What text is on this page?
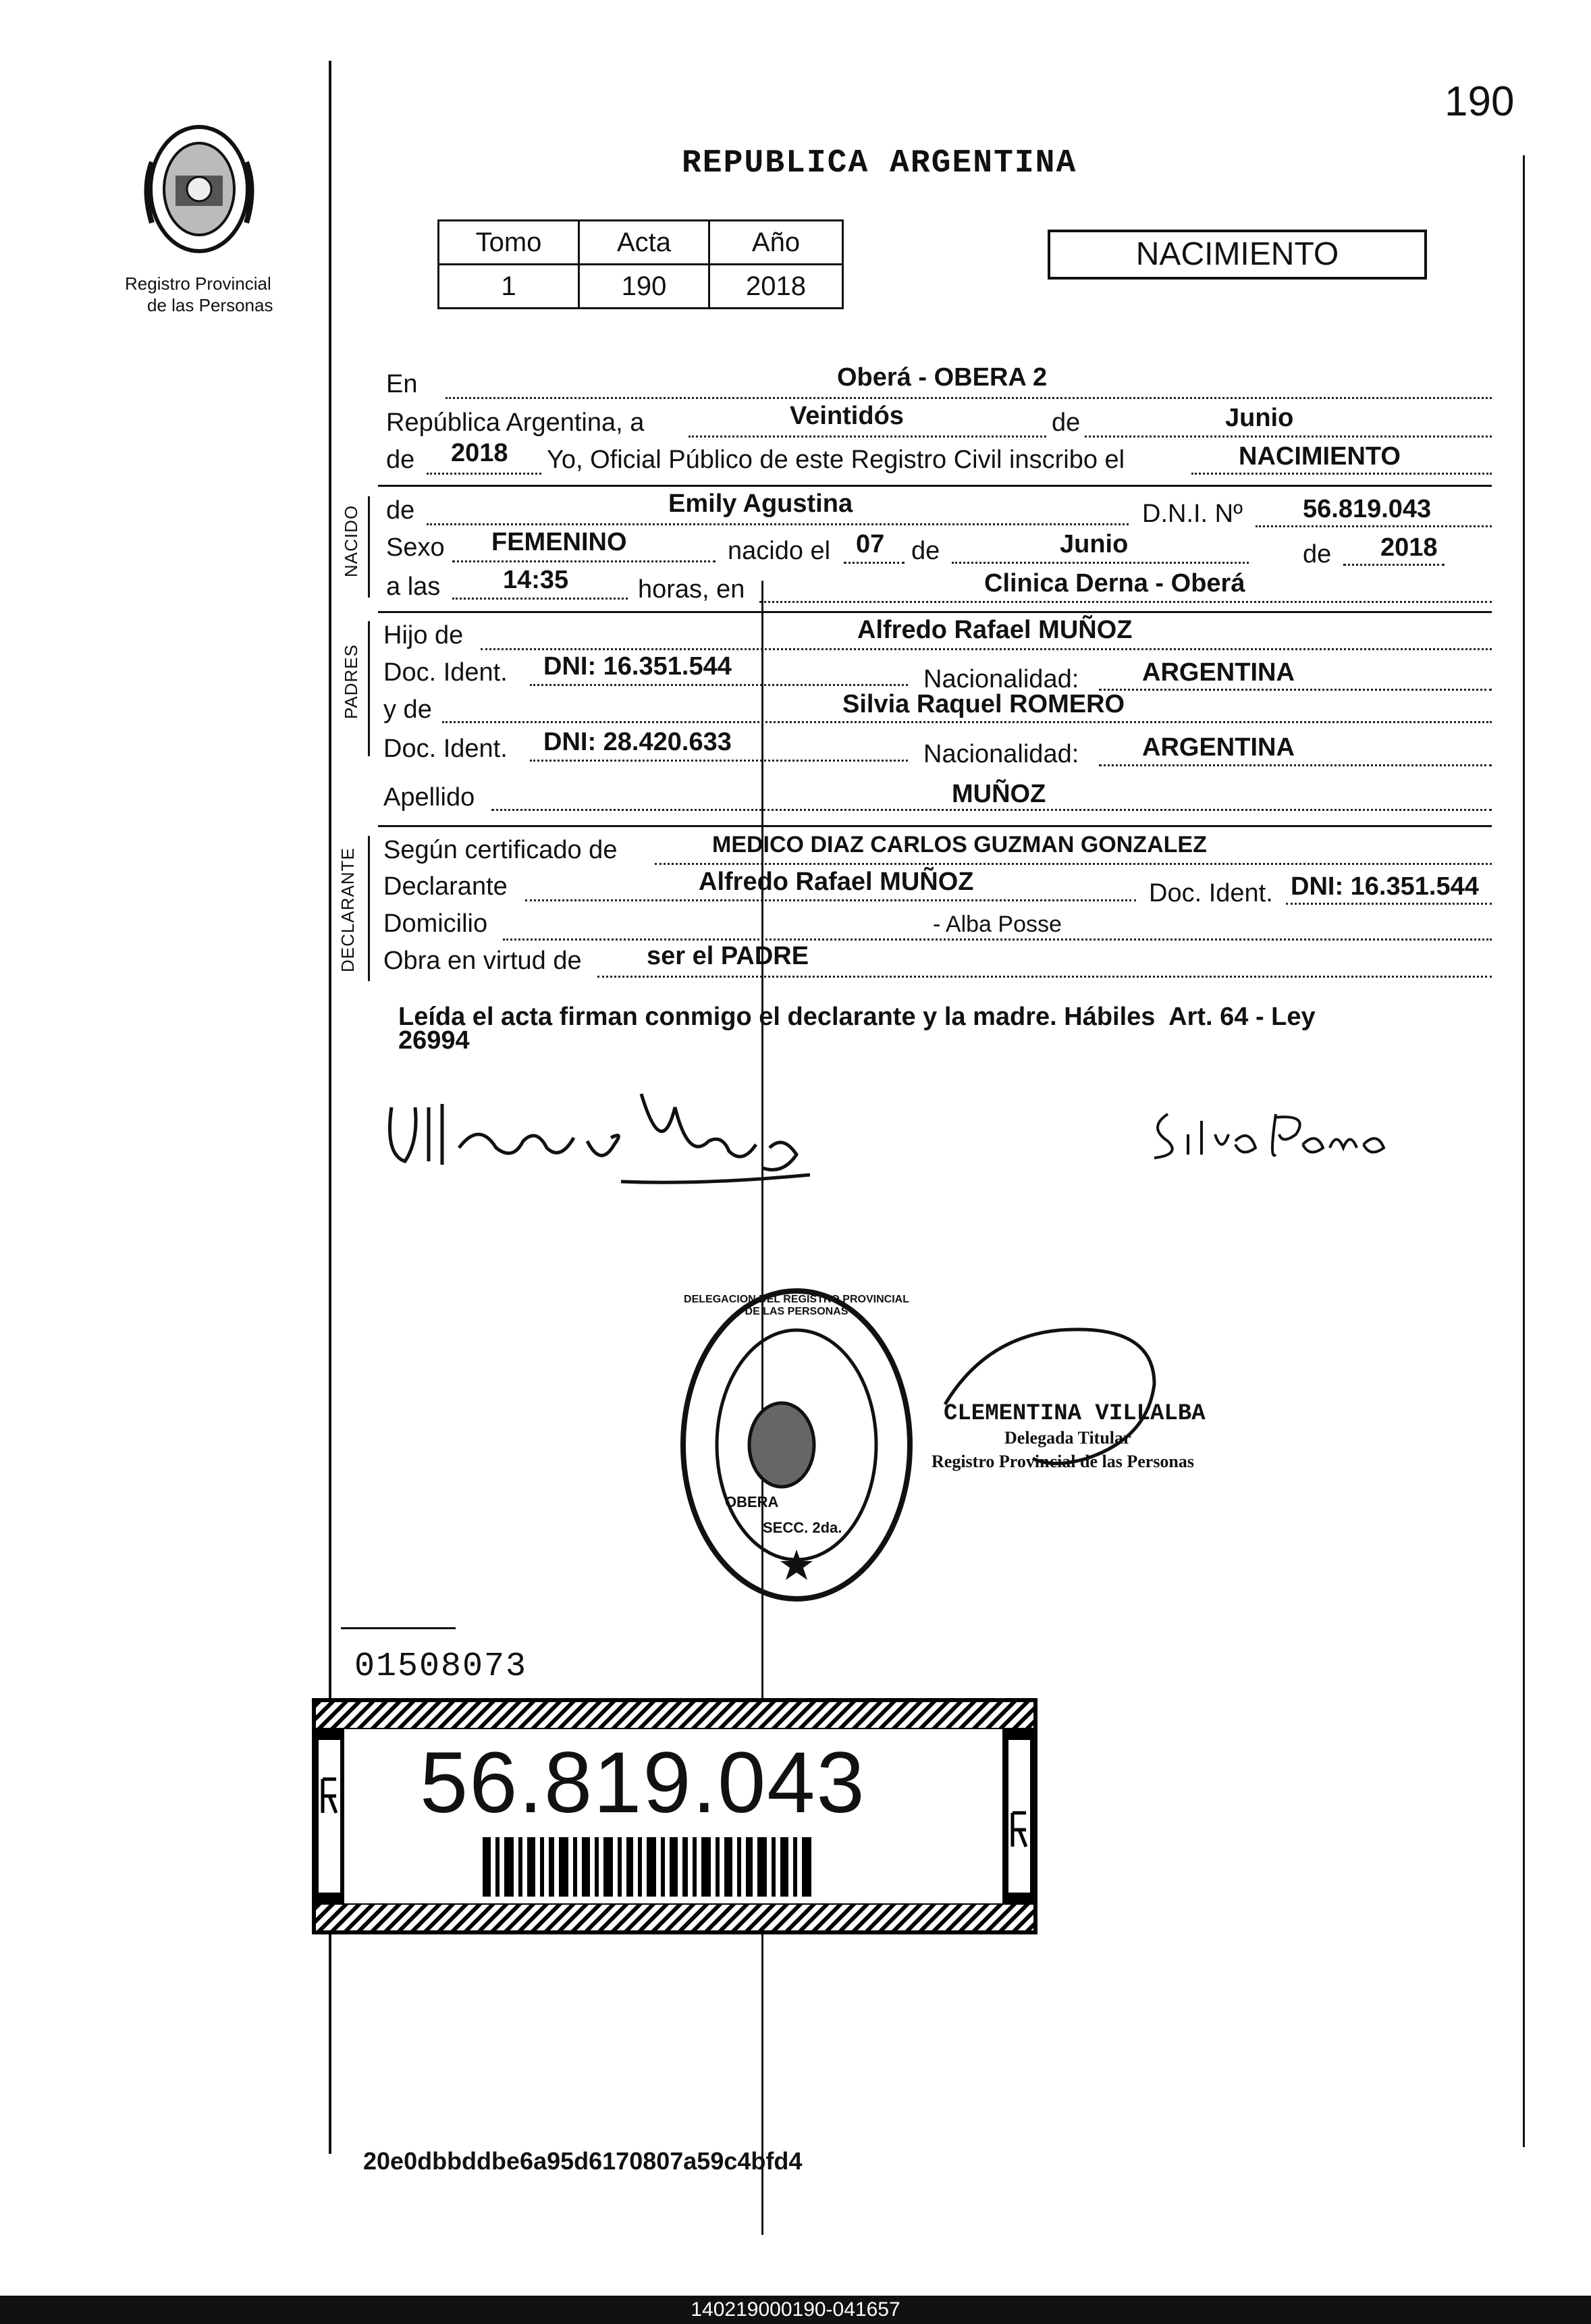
190
Registro Provincial
de las Personas
REPUBLICA ARGENTINA
Tomo	Acta	Año
1	190	2018
NACIMIENTO
En	Oberá - OBERA 2
República Argentina, a	Veintidós	de	Junio
de 2018 Yo, Oficial Público de este Registro Civil inscribo el	NACIMIENTO
NACIDO de	Emily Agustina	D.N.I. Nº 56.819.043
Sexo FEMENINO	nacido el 07 de	Junio	de 2018
a las 14:35	horas, en	Clinica Derna - Oberá
PADRES
Hijo de	Alfredo Rafael MUÑOZ
Doc. Ident. DNI: 16.351.544	Nacionalidad: ARGENTINA
y de	Silvia Raquel ROMERO
Doc. Ident. DNI: 28.420.633	Nacionalidad: ARGENTINA
Apellido	MUÑOZ
DECLARANTE Según certificado de	MEDICO DIAZ CARLOS GUZMAN GONZALEZ
Declarante	Alfredo Rafael MUÑOZ	Doc. Ident. DNI: 16.351.544
Domicilio	- Alba Posse
Obra en virtud de	ser el PADRE
Leída el acta firman conmigo el declarante y la madre. Hábiles  Art. 64 - Ley
26994
DELEGACION DEL REGISTRO PROVINCIAL DE LAS PERSONAS
OBERA
SECC. 2da.
CLEMENTINA VILLALBA
Delegada Titular
Registro Provincial de las Personas
01508073
56.819.043
20e0dbbddbe6a95d6170807a59c4bfd4
140219000190-041657
